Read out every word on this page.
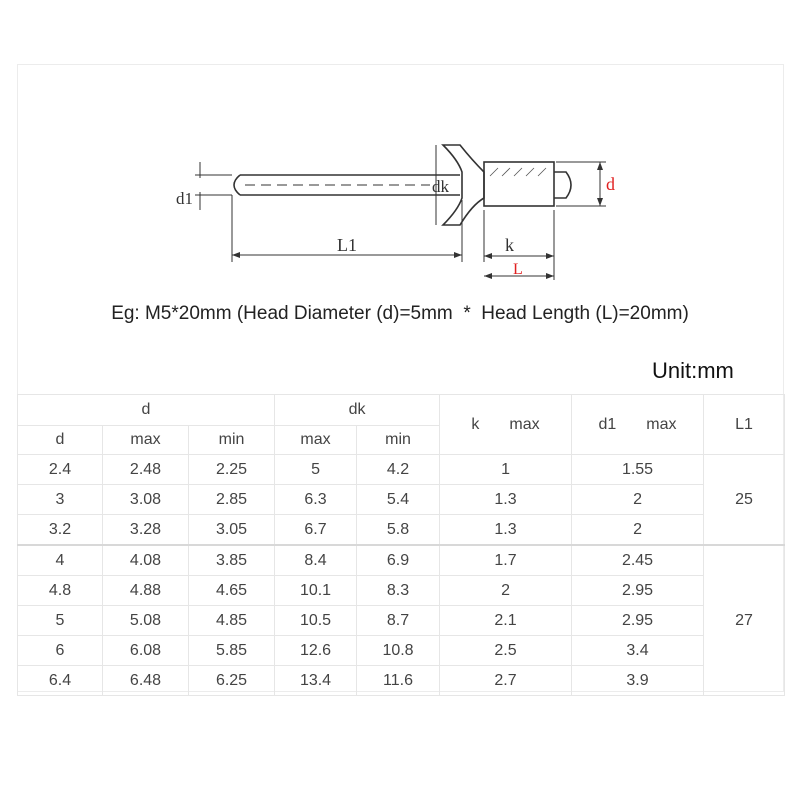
d1
dk	d
L1	k
L
Eg: M5*20mm (Head Diameter (d)=5mm  *  Head Length (L)=20mm)
Unit:mm
d			dk		k max	d1 max	L1
d	max	min	max	min			
2.4	2.48	2.25	5	4.2	1	1.55	25
3	3.08	2.85	6.3	5.4	1.3	2	
3.2	3.28	3.05	6.7	5.8	1.3	2	
4	4.08	3.85	8.4	6.9	1.7	2.45	27
4.8	4.88	4.65	10.1	8.3	2	2.95	
5	5.08	4.85	10.5	8.7	2.1	2.95	
6	6.08	5.85	12.6	10.8	2.5	3.4	
6.4	6.48	6.25	13.4	11.6	2.7	3.9	
